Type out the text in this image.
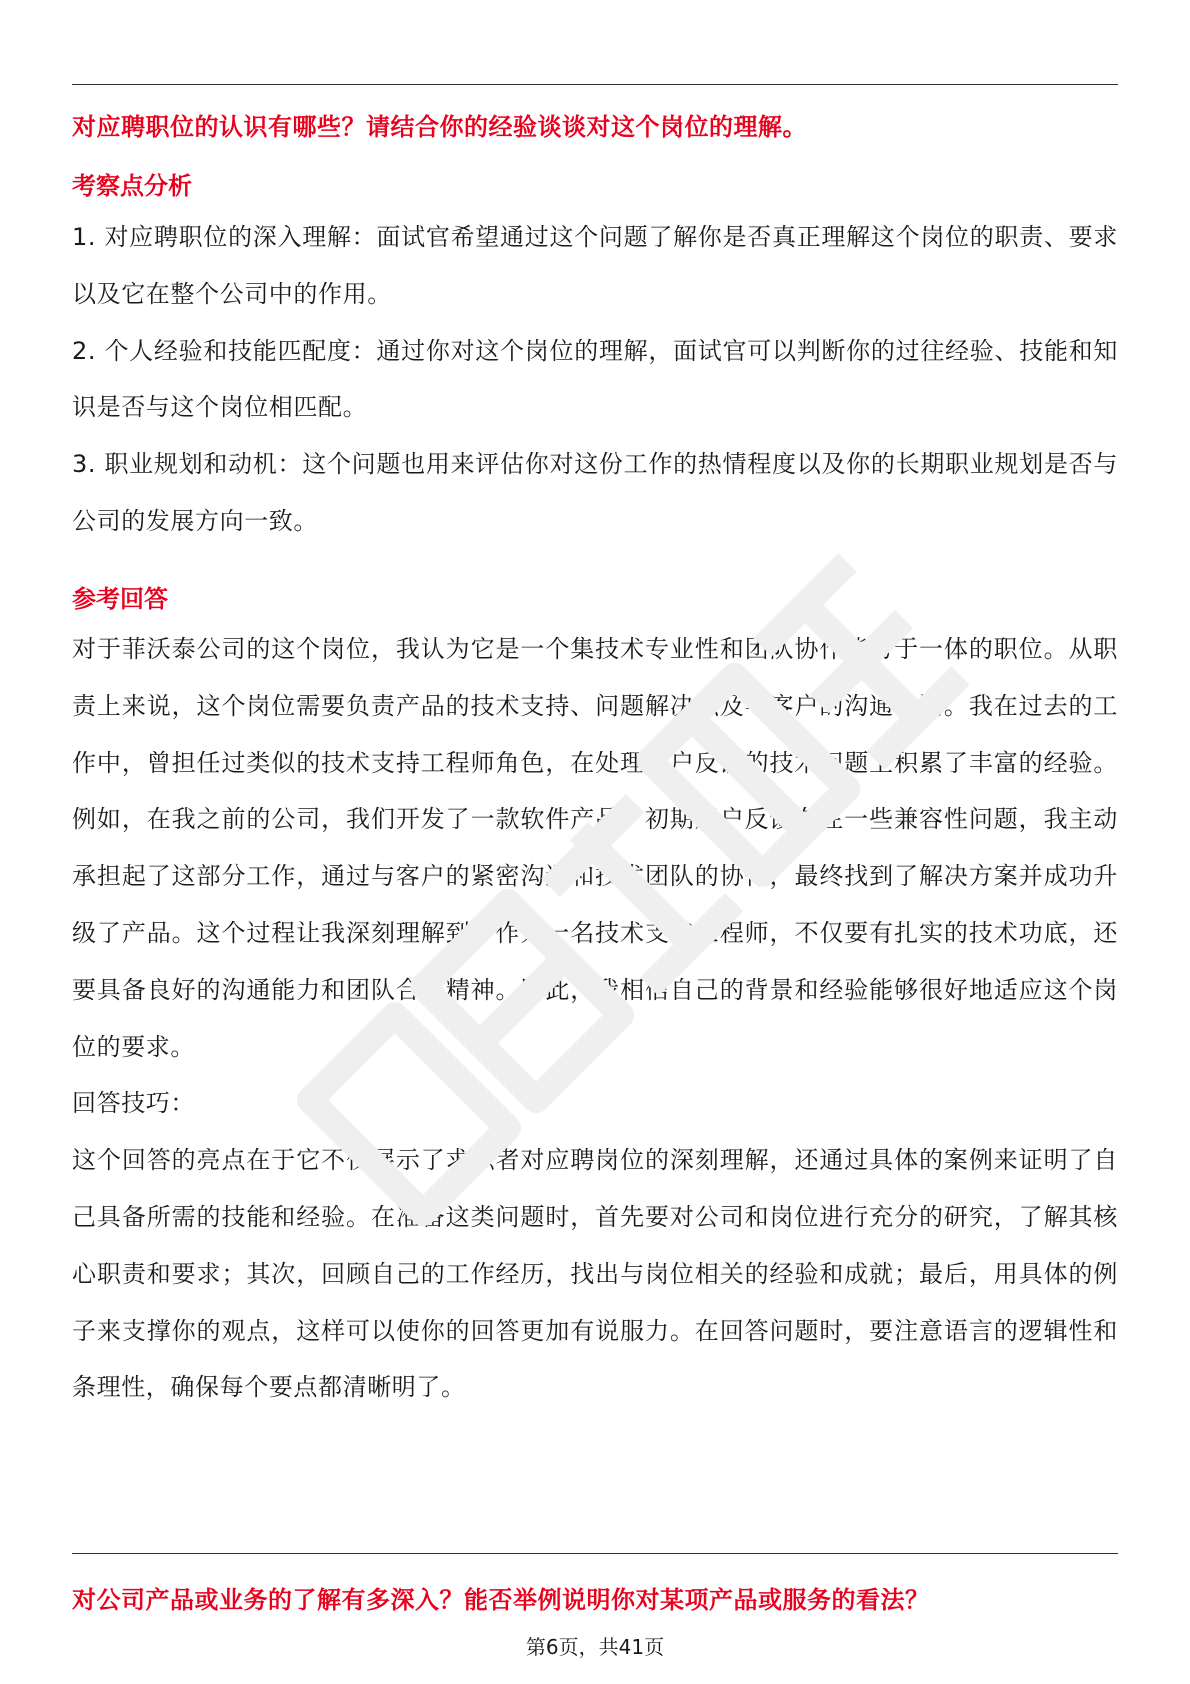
对应聘职位的认识有哪些？请结合你的经验谈谈对这个岗位的理解。
考察点分析

1. 对应聘职位的深入理解：面试官希望通过这个问题了解你是否真正理解这个岗位的职责、要求以及它在整个公司中的作用。

2. 个人经验和技能匹配度：通过你对这个岗位的理解，面试官可以判断你的过往经验、技能和知识是否与这个岗位相匹配。

3. 职业规划和动机：这个问题也用来评估你对这份工作的热情程度以及你的长期职业规划是否与公司的发展方向一致。

参考回答

对于菲沃泰公司的这个岗位，我认为它是一个集技术专业性和团队协作能力于一体的职位。从职责上来说，这个岗位需要负责产品的技术支持、问题解决以及与客户的沟通协调。我在过去的工作中，曾担任过类似的技术支持工程师角色，在处理客户反馈的技术问题上积累了丰富的经验。例如，在我之前的公司，我们开发了一款软件产品，初期用户反馈存在一些兼容性问题，我主动承担起了这部分工作，通过与客户的紧密沟通和技术团队的协作，最终找到了解决方案并成功升级了产品。这个过程让我深刻理解到，作为一名技术支持工程师，不仅要有扎实的技术功底，还要具备良好的沟通能力和团队合作精神。因此，我相信自己的背景和经验能够很好地适应这个岗位的要求。

回答技巧：

这个回答的亮点在于它不仅展示了求职者对应聘岗位的深刻理解，还通过具体的案例来证明了自己具备所需的技能和经验。在准备这类问题时，首先要对公司和岗位进行充分的研究，了解其核心职责和要求；其次，回顾自己的工作经历，找出与岗位相关的经验和成就；最后，用具体的例子来支撑你的观点，这样可以使你的回答更加有说服力。在回答问题时，要注意语言的逻辑性和条理性，确保每个要点都清晰明了。

对公司产品或业务的了解有多深入？能否举例说明你对某项产品或服务的看法？
第6页，共41页
